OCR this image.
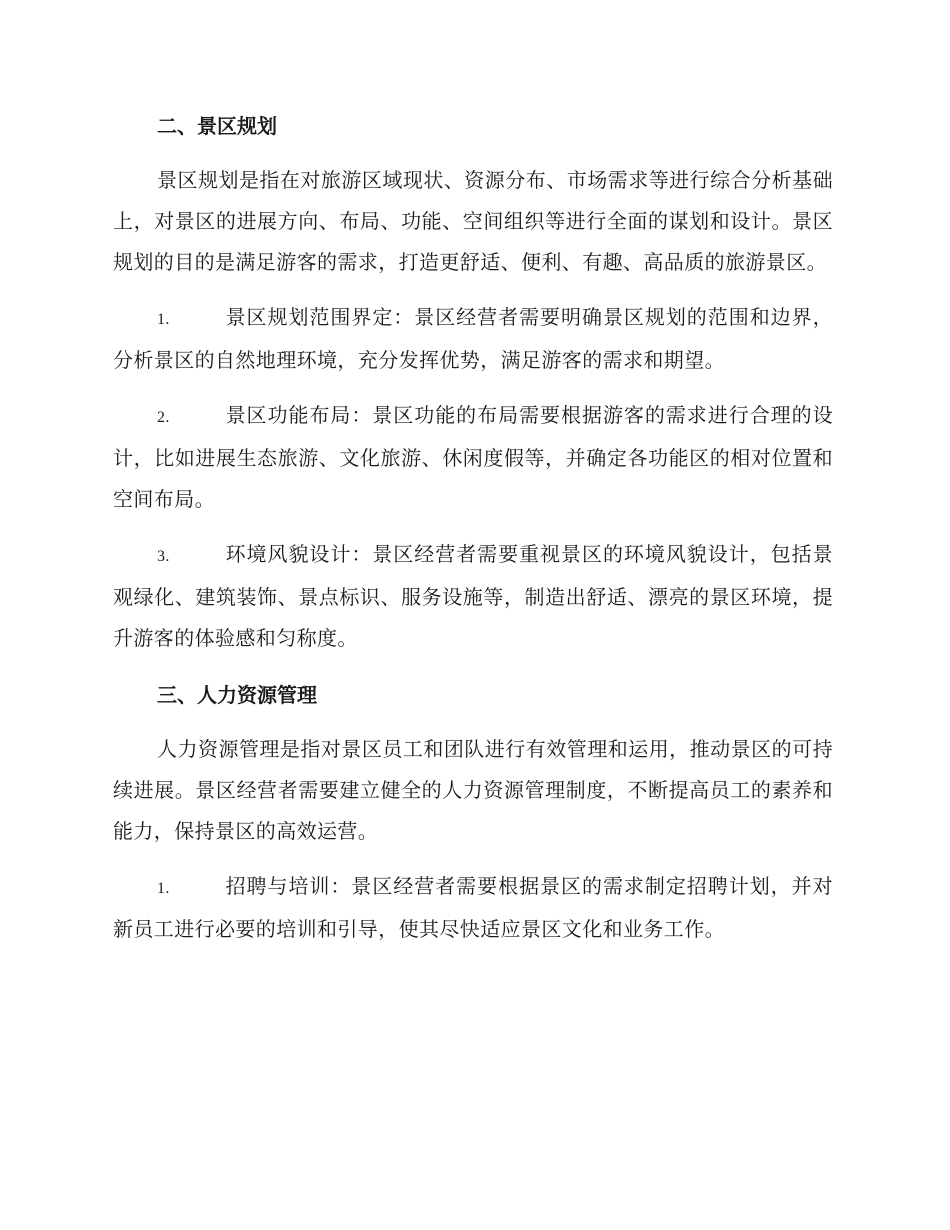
二、景区规划

景区规划是指在对旅游区域现状、资源分布、市场需求等进行综合分析基础上，对景区的进展方向、布局、功能、空间组织等进行全面的谋划和设计。景区规划的目的是满足游客的需求，打造更舒适、便利、有趣、高品质的旅游景区。

1.	景区规划范围界定：景区经营者需要明确景区规划的范围和边界，分析景区的自然地理环境，充分发挥优势，满足游客的需求和期望。

2.	景区功能布局：景区功能的布局需要根据游客的需求进行合理的设计，比如进展生态旅游、文化旅游、休闲度假等，并确定各功能区的相对位置和空间布局。

3.	环境风貌设计：景区经营者需要重视景区的环境风貌设计，包括景观绿化、建筑装饰、景点标识、服务设施等，制造出舒适、漂亮的景区环境，提升游客的体验感和匀称度。

三、人力资源管理

人力资源管理是指对景区员工和团队进行有效管理和运用，推动景区的可持续进展。景区经营者需要建立健全的人力资源管理制度，不断提高员工的素养和能力，保持景区的高效运营。

1.	招聘与培训：景区经营者需要根据景区的需求制定招聘计划，并对新员工进行必要的培训和引导，使其尽快适应景区文化和业务工作。
